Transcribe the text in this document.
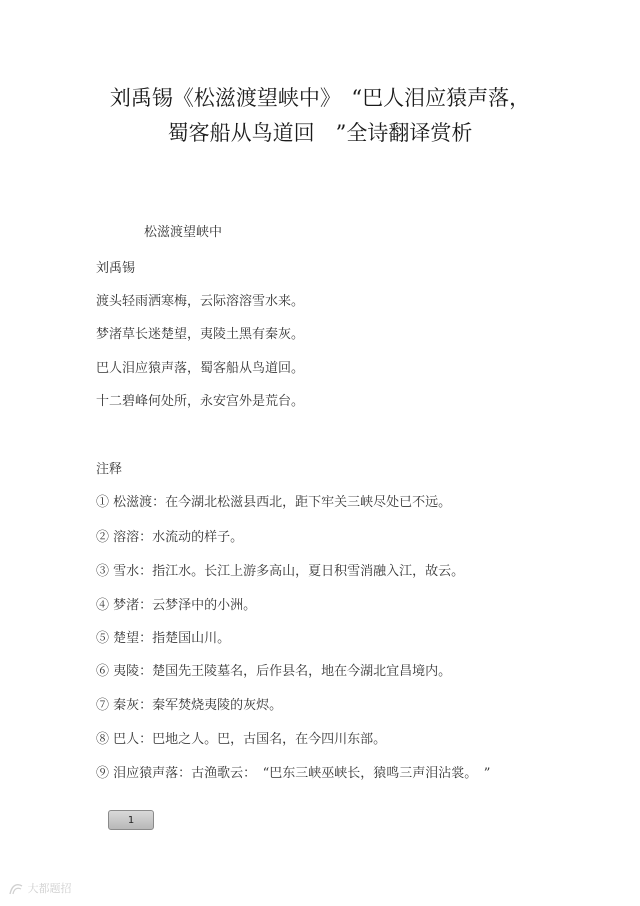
刘禹锡《松滋渡望峡中》　“巴人泪应猿声落，
蜀客船从鸟道回　”全诗翻译赏析
松滋渡望峡中
刘禹锡
渡头轻雨洒寒梅，云际溶溶雪水来。
梦渚草长迷楚望，夷陵土黑有秦灰。
巴人泪应猿声落，蜀客船从鸟道回。
十二碧峰何处所，永安宫外是荒台。
注释
① 松滋渡：在今湖北松滋县西北，距下牢关三峡尽处已不远。
② 溶溶：水流动的样子。
③ 雪水：指江水。长江上游多高山，夏日积雪消融入江，故云。
④ 梦渚：云梦泽中的小洲。
⑤ 楚望：指楚国山川。
⑥ 夷陵：楚国先王陵墓名，后作县名，地在今湖北宜昌境内。
⑦ 秦灰：秦军焚烧夷陵的灰烬。
⑧ 巴人：巴地之人。巴，古国名，在今四川东部。
⑨ 泪应猿声落：古渔歌云：　“巴东三峡巫峡长，猿鸣三声泪沾裳。　”
1
大都题招
